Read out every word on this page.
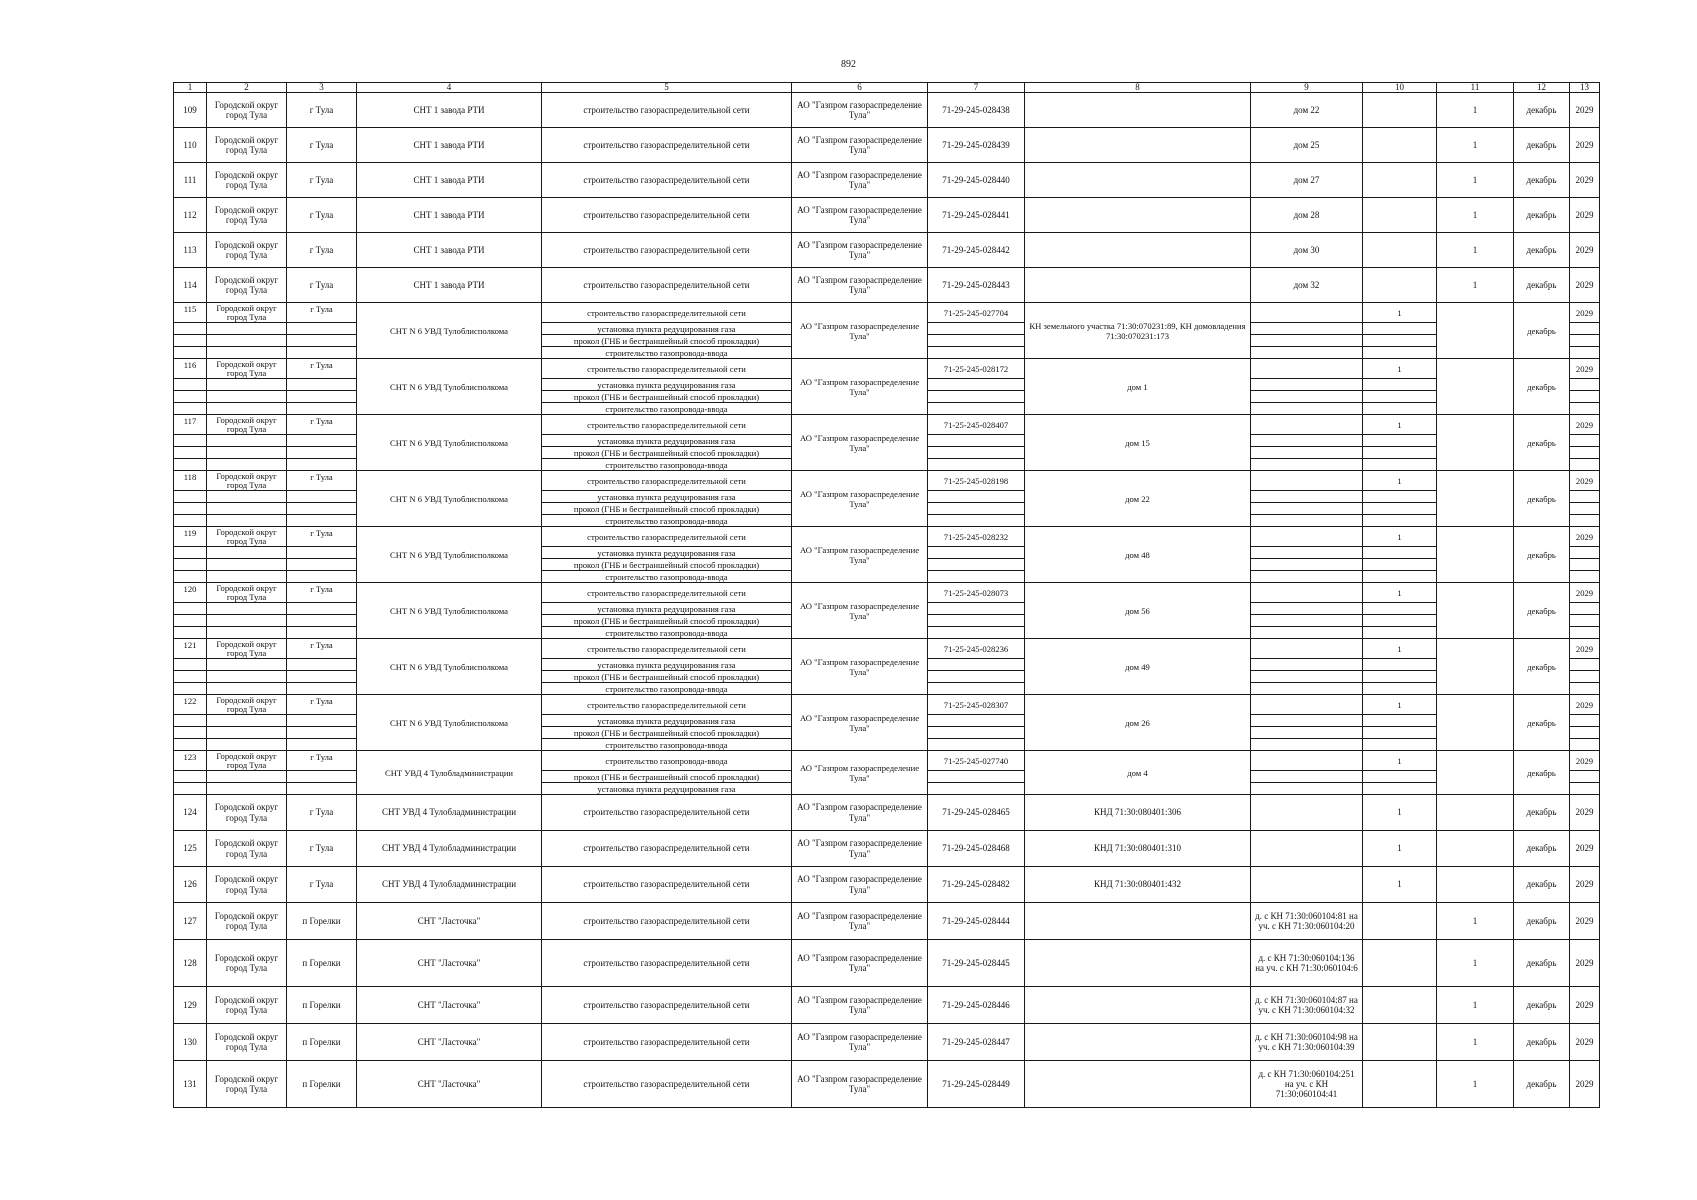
892
1	2	3	4	5	6	7	8	9	10	11	12	13
109	Городской округ город Тула	г Тула	СНТ 1 завода РТИ	строительство газораспределительной сети	АО "Газпром газораспределение Тула"	71-29-245-028438		дом 22		1	декабрь	2029
110	Городской округ город Тула	г Тула	СНТ 1 завода РТИ	строительство газораспределительной сети	АО "Газпром газораспределение Тула"	71-29-245-028439		дом 25		1	декабрь	2029
111	Городской округ город Тула	г Тула	СНТ 1 завода РТИ	строительство газораспределительной сети	АО "Газпром газораспределение Тула"	71-29-245-028440		дом 27		1	декабрь	2029
112	Городской округ город Тула	г Тула	СНТ 1 завода РТИ	строительство газораспределительной сети	АО "Газпром газораспределение Тула"	71-29-245-028441		дом 28		1	декабрь	2029
113	Городской округ город Тула	г Тула	СНТ 1 завода РТИ	строительство газораспределительной сети	АО "Газпром газораспределение Тула"	71-29-245-028442		дом 30		1	декабрь	2029
114	Городской округ город Тула	г Тула	СНТ 1 завода РТИ	строительство газораспределительной сети	АО "Газпром газораспределение Тула"	71-29-245-028443		дом 32		1	декабрь	2029
115	Городской округ город Тула	г Тула	СНТ N 6 УВД Тулоблисполкома	строительство газораспределительной сети	АО "Газпром газораспределение Тула"	71-25-245-027704	КН земельного участка 71:30:070231:89, КН домовладения 71:30:070231:173		1		декабрь	2029
				установка пункта редуцирования газа								
				прокол (ГНБ и бестраншейный способ прокладки)								
				строительство газопровода-ввода								
116	Городской округ город Тула	г Тула	СНТ N 6 УВД Тулоблисполкома	строительство газораспределительной сети	АО "Газпром газораспределение Тула"	71-25-245-028172	дом 1		1		декабрь	2029
				установка пункта редуцирования газа								
				прокол (ГНБ и бестраншейный способ прокладки)								
				строительство газопровода-ввода								
117	Городской округ город Тула	г Тула	СНТ N 6 УВД Тулоблисполкома	строительство газораспределительной сети	АО "Газпром газораспределение Тула"	71-25-245-028407	дом 15		1		декабрь	2029
				установка пункта редуцирования газа								
				прокол (ГНБ и бестраншейный способ прокладки)								
				строительство газопровода-ввода								
118	Городской округ город Тула	г Тула	СНТ N 6 УВД Тулоблисполкома	строительство газораспределительной сети	АО "Газпром газораспределение Тула"	71-25-245-028198	дом 22		1		декабрь	2029
				установка пункта редуцирования газа								
				прокол (ГНБ и бестраншейный способ прокладки)								
				строительство газопровода-ввода								
119	Городской округ город Тула	г Тула	СНТ N 6 УВД Тулоблисполкома	строительство газораспределительной сети	АО "Газпром газораспределение Тула"	71-25-245-028232	дом 48		1		декабрь	2029
				установка пункта редуцирования газа								
				прокол (ГНБ и бестраншейный способ прокладки)								
				строительство газопровода-ввода								
120	Городской округ город Тула	г Тула	СНТ N 6 УВД Тулоблисполкома	строительство газораспределительной сети	АО "Газпром газораспределение Тула"	71-25-245-028073	дом 56		1		декабрь	2029
				установка пункта редуцирования газа								
				прокол (ГНБ и бестраншейный способ прокладки)								
				строительство газопровода-ввода								
121	Городской округ город Тула	г Тула	СНТ N 6 УВД Тулоблисполкома	строительство газораспределительной сети	АО "Газпром газораспределение Тула"	71-25-245-028236	дом 49		1		декабрь	2029
				установка пункта редуцирования газа								
				прокол (ГНБ и бестраншейный способ прокладки)								
				строительство газопровода-ввода								
122	Городской округ город Тула	г Тула	СНТ N 6 УВД Тулоблисполкома	строительство газораспределительной сети	АО "Газпром газораспределение Тула"	71-25-245-028307	дом 26		1		декабрь	2029
				установка пункта редуцирования газа								
				прокол (ГНБ и бестраншейный способ прокладки)								
				строительство газопровода-ввода								
123	Городской округ город Тула	г Тула	СНТ УВД 4 Тулобладминистрации	строительство газопровода-ввода	АО "Газпром газораспределение Тула"	71-25-245-027740	дом 4		1		декабрь	2029
				прокол (ГНБ и бестраншейный способ прокладки)								
				установка пункта редуцирования газа								
124	Городской округ город Тула	г Тула	СНТ УВД 4 Тулобладминистрации	строительство газораспределительной сети	АО "Газпром газораспределение Тула"	71-29-245-028465	КНД 71:30:080401:306		1		декабрь	2029
125	Городской округ город Тула	г Тула	СНТ УВД 4 Тулобладминистрации	строительство газораспределительной сети	АО "Газпром газораспределение Тула"	71-29-245-028468	КНД 71:30:080401:310		1		декабрь	2029
126	Городской округ город Тула	г Тула	СНТ УВД 4 Тулобладминистрации	строительство газораспределительной сети	АО "Газпром газораспределение Тула"	71-29-245-028482	КНД 71:30:080401:432		1		декабрь	2029
127	Городской округ город Тула	п Горелки	СНТ "Ласточка"	строительство газораспределительной сети	АО "Газпром газораспределение Тула"	71-29-245-028444		д. с КН 71:30:060104:81 на уч. с КН 71:30:060104:20		1	декабрь	2029
128	Городской округ город Тула	п Горелки	СНТ "Ласточка"	строительство газораспределительной сети	АО "Газпром газораспределение Тула"	71-29-245-028445		д. с КН 71:30:060104:136 на уч. с КН 71:30:060104:6		1	декабрь	2029
129	Городской округ город Тула	п Горелки	СНТ "Ласточка"	строительство газораспределительной сети	АО "Газпром газораспределение Тула"	71-29-245-028446		д. с КН 71:30:060104:87 на уч. с КН 71:30:060104:32		1	декабрь	2029
130	Городской округ город Тула	п Горелки	СНТ "Ласточка"	строительство газораспределительной сети	АО "Газпром газораспределение Тула"	71-29-245-028447		д. с КН 71:30:060104:98 на уч. с КН 71:30:060104:39		1	декабрь	2029
131	Городской округ город Тула	п Горелки	СНТ "Ласточка"	строительство газораспределительной сети	АО "Газпром газораспределение Тула"	71-29-245-028449		д. с КН 71:30:060104:251 на уч. с КН 71:30:060104:41		1	декабрь	2029
